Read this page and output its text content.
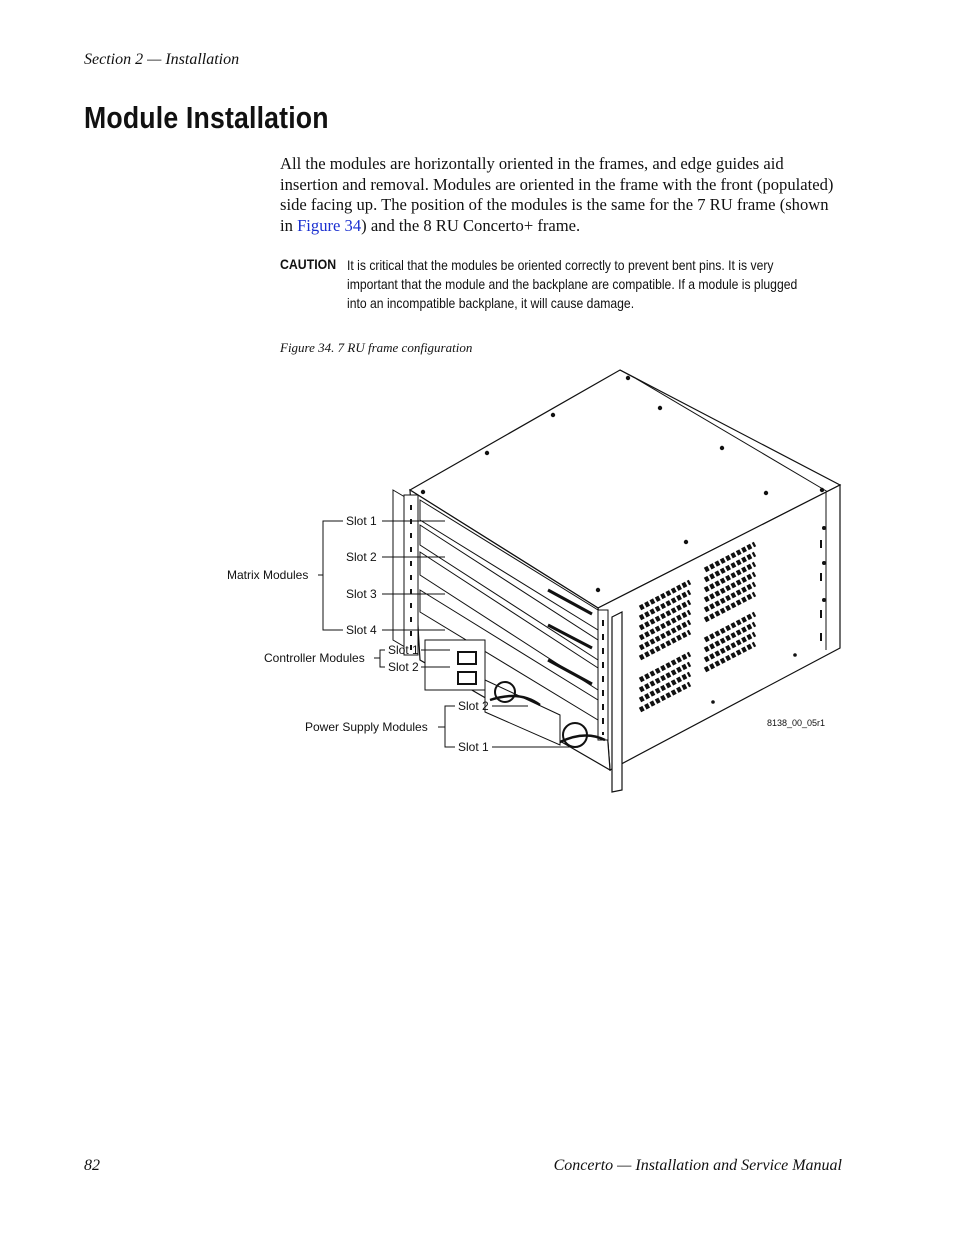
Section 2 — Installation
Module Installation

All the modules are horizontally oriented in the frames, and edge guides aid insertion and removal. Modules are oriented in the frame with the front (populated) side facing up. The position of the modules is the same for the 7 RU frame (shown in Figure 34) and the 8 RU Concerto+ frame.

CAUTION It is critical that the modules be oriented correctly to prevent bent pins. It is very important that the module and the backplane are compatible. If a module is plugged into an incompatible backplane, it will cause damage.
Figure 34. 7 RU frame configuration
Slot 1
Slot 2
Slot 3
Slot 4
Matrix Modules
Slot 1
Slot 2
Controller Modules
Slot 2
Slot 1
Power Supply Modules	8138_00_05r1
82	Concerto — Installation and Service Manual
